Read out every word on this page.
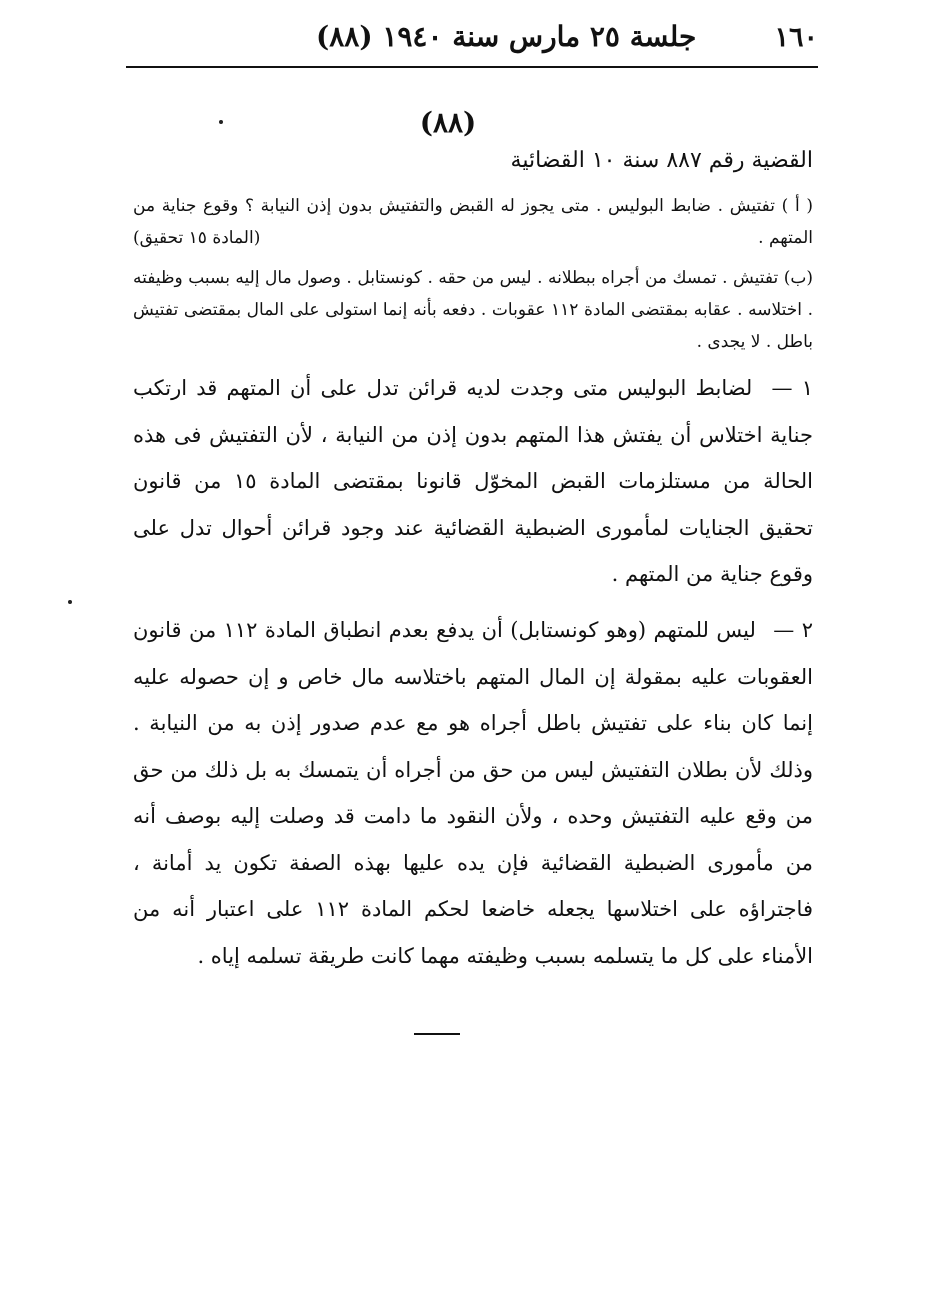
١٦٠
جلسة ٢٥ مارس سنة ١٩٤٠ (٨٨)
(٨٨)
القضية رقم ٨٨٧ سنة ١٠ القضائية

( أ ) تفتيش . ضابط البوليس . متى يجوز له القبض والتفتيش بدون إذن النيابة ؟ وقوع جناية من المتهم .
(المادة ١٥ تحقيق)

(ب) تفتيش . تمسك من أجراه ببطلانه . ليس من حقه . كونستابل . وصول مال إليه بسبب وظيفته . اختلاسه . عقابه بمقتضى المادة ١١٢ عقوبات . دفعه بأنه إنما استولى على المال بمقتضى تفتيش باطل . لا يجدى .

١ — لضابط البوليس متى وجدت لديه قرائن تدل على أن المتهم قد ارتكب جناية اختلاس أن يفتش هذا المتهم بدون إذن من النيابة ، لأن التفتيش فى هذه الحالة من مستلزمات القبض المخوّل قانونا بمقتضى المادة ١٥ من قانون تحقيق الجنايات لمأمورى الضبطية القضائية عند وجود قرائن أحوال تدل على وقوع جناية من المتهم .

٢ — ليس للمتهم (وهو كونستابل) أن يدفع بعدم انطباق المادة ١١٢ من قانون العقوبات عليه بمقولة إن المال المتهم باختلاسه مال خاص و إن حصوله عليه إنما كان بناء على تفتيش باطل أجراه هو مع عدم صدور إذن به من النيابة . وذلك لأن بطلان التفتيش ليس من حق من أجراه أن يتمسك به بل ذلك من حق من وقع عليه التفتيش وحده ، ولأن النقود ما دامت قد وصلت إليه بوصف أنه من مأمورى الضبطية القضائية فإن يده عليها بهذه الصفة تكون يد أمانة ، فاجتراؤه على اختلاسها يجعله خاضعا لحكم المادة ١١٢ على اعتبار أنه من الأمناء على كل ما يتسلمه بسبب وظيفته مهما كانت طريقة تسلمه إياه .
